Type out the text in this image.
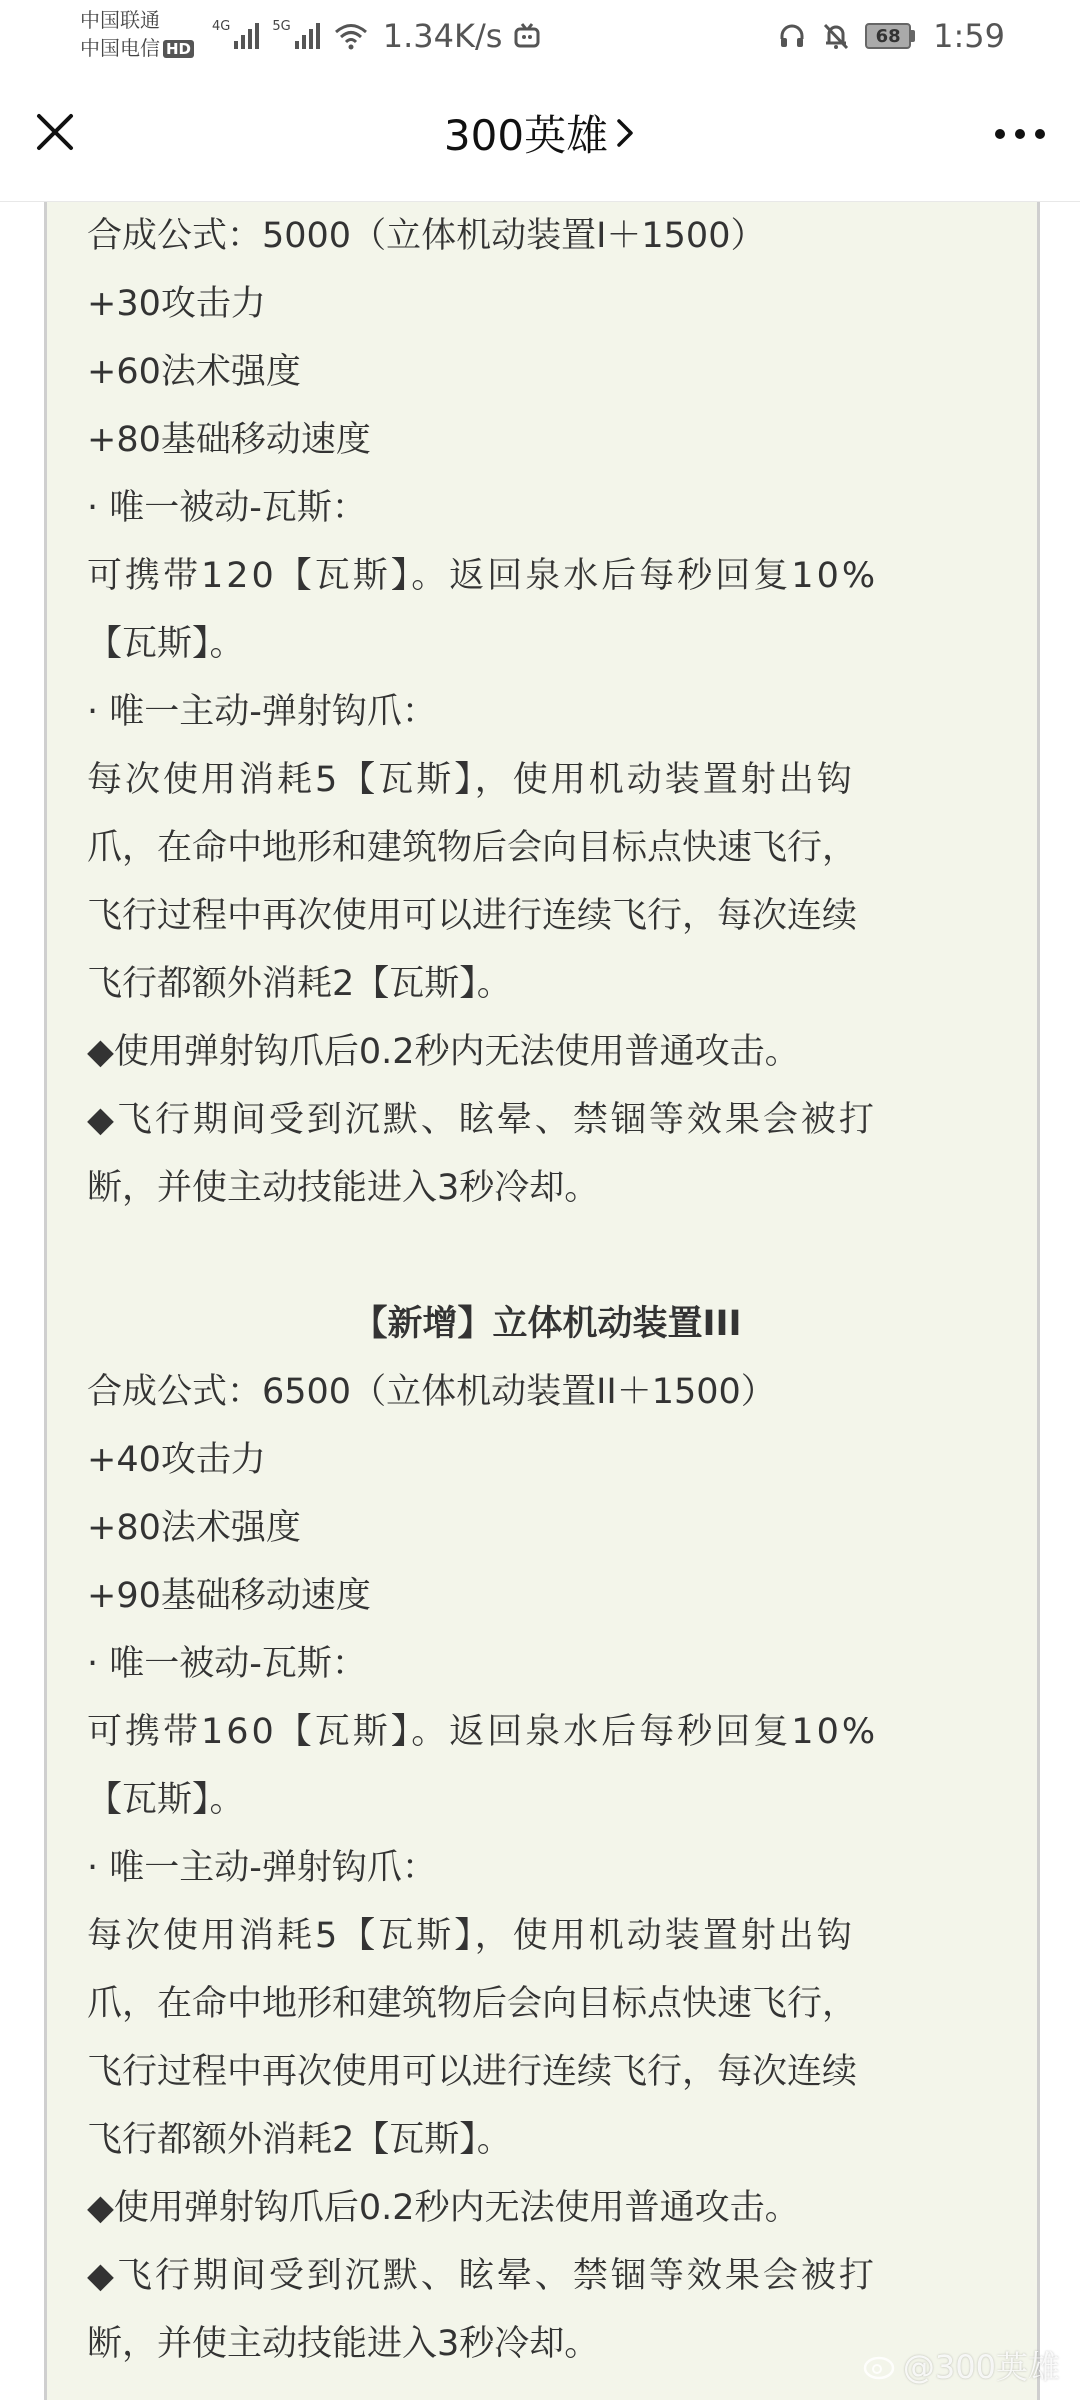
中国联通
中国电信 HD
4G	5G	1.34K/s	68	1:59
300英雄
合成公式：5000（立体机动装置I＋1500）
+30攻击力
+60法术强度
+80基础移动速度
· 唯一被动-瓦斯：
可携带120【瓦斯】。返回泉水后每秒回复10%
【瓦斯】。
· 唯一主动-弹射钩爪：
每次使用消耗5【瓦斯】，使用机动装置射出钩
爪，在命中地形和建筑物后会向目标点快速飞行，
飞行过程中再次使用可以进行连续飞行，每次连续
飞行都额外消耗2【瓦斯】。
◆使用弹射钩爪后0.2秒内无法使用普通攻击。
◆飞行期间受到沉默、眩晕、禁锢等效果会被打
断，并使主动技能进入3秒冷却。
【新增】立体机动装置III
合成公式：6500（立体机动装置II＋1500）
+40攻击力
+80法术强度
+90基础移动速度
· 唯一被动-瓦斯：
可携带160【瓦斯】。返回泉水后每秒回复10%
【瓦斯】。
· 唯一主动-弹射钩爪：
每次使用消耗5【瓦斯】，使用机动装置射出钩
爪，在命中地形和建筑物后会向目标点快速飞行，
飞行过程中再次使用可以进行连续飞行，每次连续
飞行都额外消耗2【瓦斯】。
◆使用弹射钩爪后0.2秒内无法使用普通攻击。
◆飞行期间受到沉默、眩晕、禁锢等效果会被打
断，并使主动技能进入3秒冷却。
@300英雄
